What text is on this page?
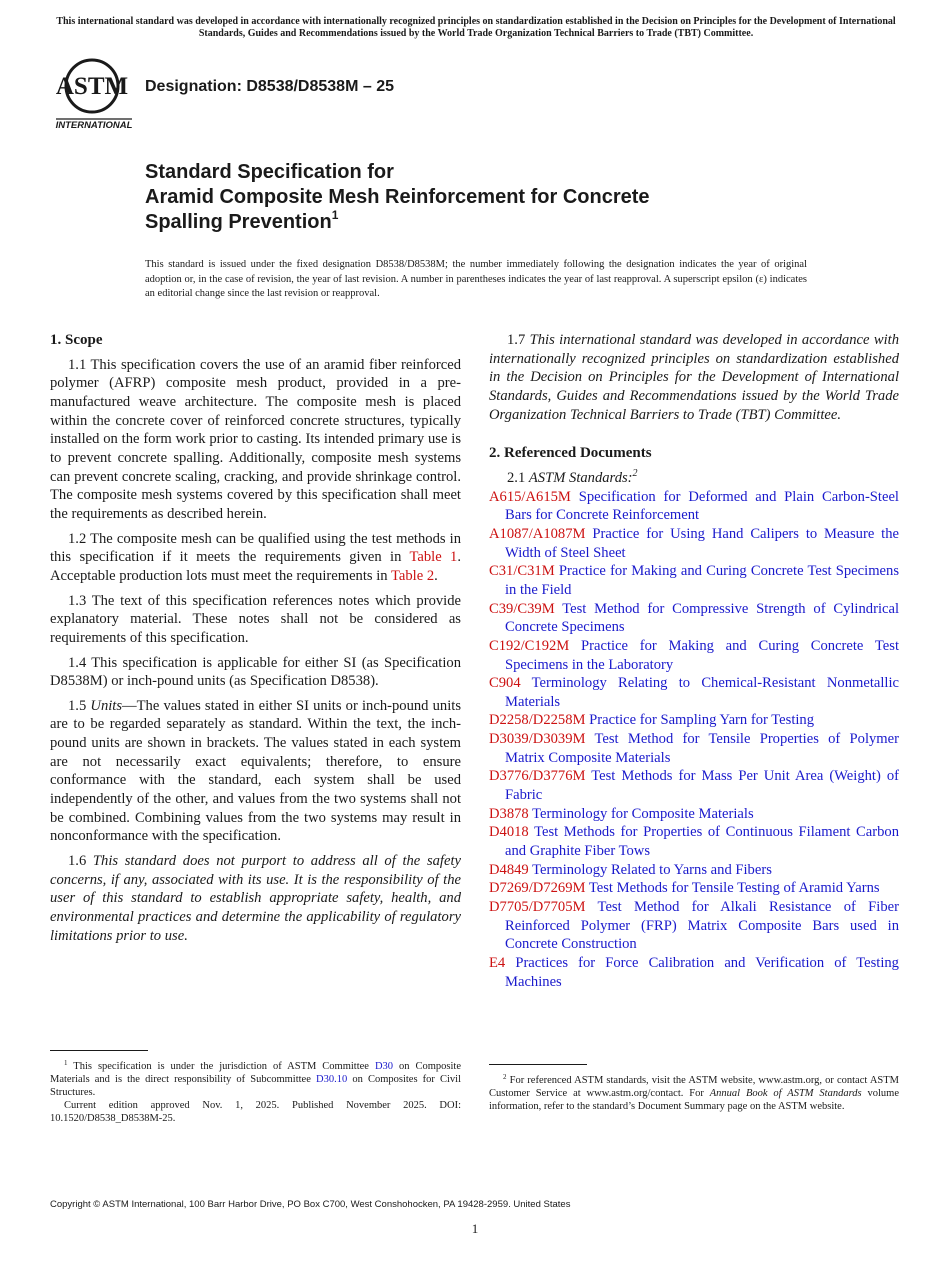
This international standard was developed in accordance with internationally recognized principles on standardization established in the Decision on Principles for the Development of International Standards, Guides and Recommendations issued by the World Trade Organization Technical Barriers to Trade (TBT) Committee.
ASTM
INTERNATIONAL
Designation: D8538/D8538M – 25
Standard Specification for
Aramid Composite Mesh Reinforcement for Concrete
Spalling Prevention$^1$
This standard is issued under the fixed designation D8538/D8538M; the number immediately following the designation indicates the year of original adoption or, in the case of revision, the year of last revision. A number in parentheses indicates the year of last reapproval. A superscript epsilon (ε) indicates an editorial change since the last revision or reapproval.
1. Scope

1.1 This specification covers the use of an aramid fiber reinforced polymer (AFRP) composite mesh product, provided in a pre-manufactured weave architecture. The composite mesh is placed within the concrete cover of reinforced concrete structures, typically installed on the form work prior to casting. Its intended primary use is to prevent concrete spalling. Additionally, composite mesh systems can prevent concrete scaling, cracking, and provide shrinkage control. The composite mesh systems covered by this specification shall meet the requirements as described herein.

1.2 The composite mesh can be qualified using the test methods in this specification if it meets the requirements given in Table 1. Acceptable production lots must meet the requirements in Table 2.

1.3 The text of this specification references notes which provide explanatory material. These notes shall not be considered as requirements of this specification.

1.4 This specification is applicable for either SI (as Specification D8538M) or inch-pound units (as Specification D8538).

1.5 Units—The values stated in either SI units or inch-pound units are to be regarded separately as standard. Within the text, the inch-pound units are shown in brackets. The values stated in each system are not necessarily exact equivalents; therefore, to ensure conformance with the standard, each system shall be used independently of the other, and values from the two systems shall not be combined. Combining values from the two systems may result in nonconformance with the specification.

1.6 This standard does not purport to address all of the safety concerns, if any, associated with its use. It is the responsibility of the user of this standard to establish appropriate safety, health, and environmental practices and determine the applicability of regulatory limitations prior to use.

1.7 This international standard was developed in accordance with internationally recognized principles on standardization established in the Decision on Principles for the Development of International Standards, Guides and Recommendations issued by the World Trade Organization Technical Barriers to Trade (TBT) Committee.

2. Referenced Documents

2.1 ASTM Standards:$^2$

A615/A615M Specification for Deformed and Plain Carbon-Steel Bars for Concrete Reinforcement
A1087/A1087M Practice for Using Hand Calipers to Measure the Width of Steel Sheet
C31/C31M Practice for Making and Curing Concrete Test Specimens in the Field
C39/C39M Test Method for Compressive Strength of Cylindrical Concrete Specimens
C192/C192M Practice for Making and Curing Concrete Test Specimens in the Laboratory
C904 Terminology Relating to Chemical-Resistant Nonmetallic Materials
D2258/D2258M Practice for Sampling Yarn for Testing
D3039/D3039M Test Method for Tensile Properties of Polymer Matrix Composite Materials
D3776/D3776M Test Methods for Mass Per Unit Area (Weight) of Fabric
D3878 Terminology for Composite Materials
D4018 Test Methods for Properties of Continuous Filament Carbon and Graphite Fiber Tows
D4849 Terminology Related to Yarns and Fibers
D7269/D7269M Test Methods for Tensile Testing of Aramid Yarns
D7705/D7705M Test Method for Alkali Resistance of Fiber Reinforced Polymer (FRP) Matrix Composite Bars used in Concrete Construction
E4 Practices for Force Calibration and Verification of Testing Machines

$^1$ This specification is under the jurisdiction of ASTM Committee D30 on Composite Materials and is the direct responsibility of Subcommittee D30.10 on Composites for Civil Structures.

Current edition approved Nov. 1, 2025. Published November 2025. DOI: 10.1520/D8538_D8538M-25.

$^2$ For referenced ASTM standards, visit the ASTM website, www.astm.org, or contact ASTM Customer Service at www.astm.org/contact. For Annual Book of ASTM Standards volume information, refer to the standard’s Document Summary page on the ASTM website.

Copyright © ASTM International, 100 Barr Harbor Drive, PO Box C700, West Conshohocken, PA 19428-2959. United States
1
